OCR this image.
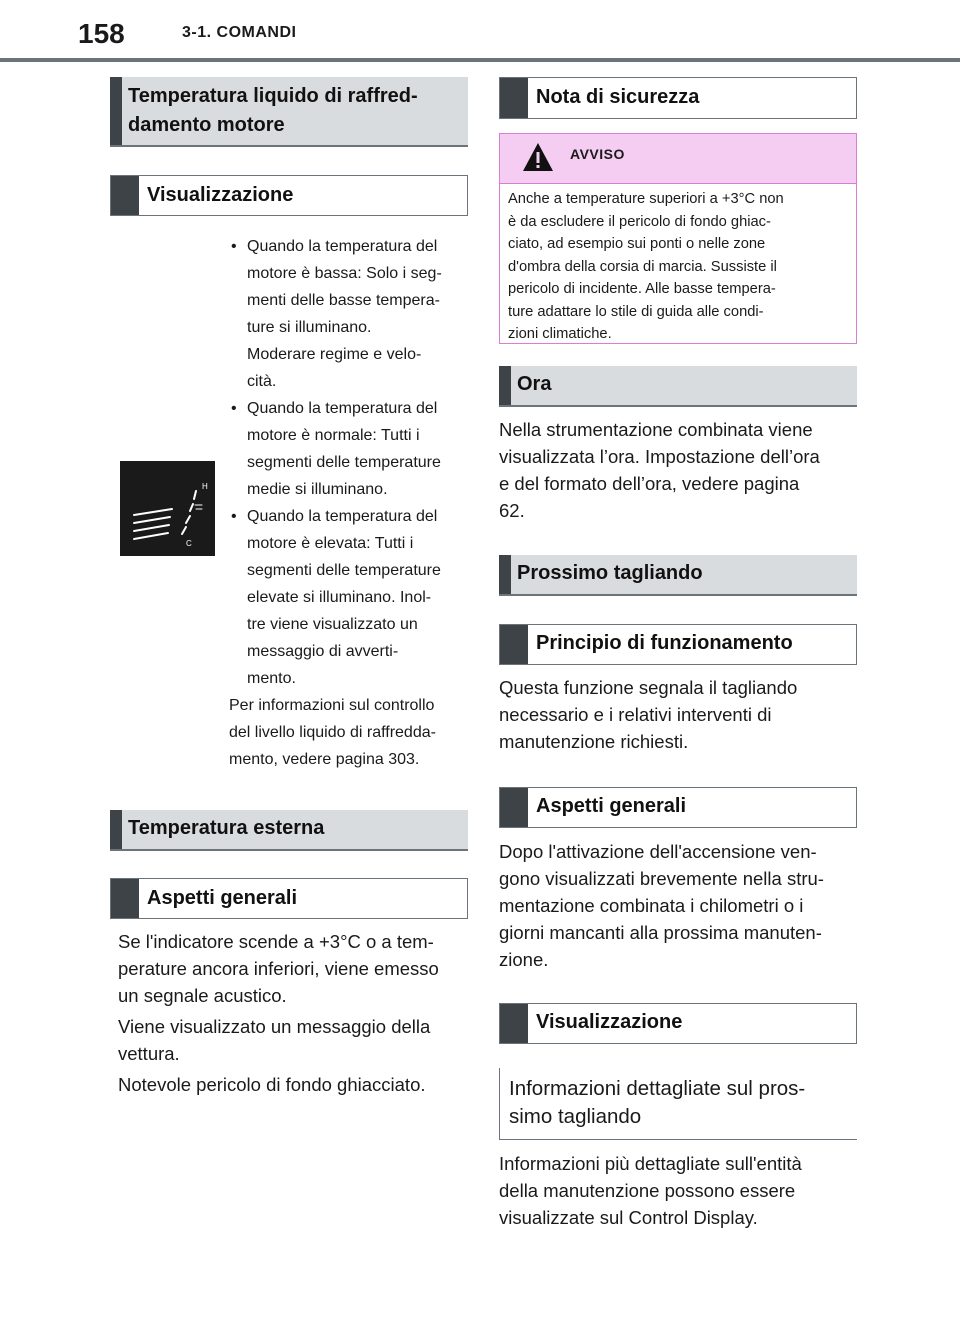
158	3-1. COMANDI
Temperatura liquido di raffred-
damento motore
Visualizzazione
H
C
• Quando la temperatura del
motore è bassa: Solo i seg-
menti delle basse tempera-
ture si illuminano.
Moderare regime e velo-
cità.
• Quando la temperatura del
motore è normale: Tutti i
segmenti delle temperature
medie si illuminano.
• Quando la temperatura del
motore è elevata: Tutti i
segmenti delle temperature
elevate si illuminano. Inol-
tre viene visualizzato un
messaggio di avverti-
mento.
Per informazioni sul controllo
del livello liquido di raffredda-
mento, vedere pagina 303.
Temperatura esterna
Aspetti generali
Se l'indicatore scende a +3°C o a tem-
perature ancora inferiori, viene emesso
un segnale acustico.
Viene visualizzato un messaggio della
vettura.
Notevole pericolo di fondo ghiacciato.
Nota di sicurezza
AVVISO
Anche a temperature superiori a +3°C non
è da escludere il pericolo di fondo ghiac-
ciato, ad esempio sui ponti o nelle zone
d'ombra della corsia di marcia. Sussiste il
pericolo di incidente. Alle basse tempera-
ture adattare lo stile di guida alle condi-
zioni climatiche.
Ora
Nella strumentazione combinata viene
visualizzata l’ora. Impostazione dell’ora
e del formato dell’ora, vedere pagina
62.
Prossimo tagliando
Principio di funzionamento
Questa funzione segnala il tagliando
necessario e i relativi interventi di
manutenzione richiesti.
Aspetti generali
Dopo l'attivazione dell'accensione ven-
gono visualizzati brevemente nella stru-
mentazione combinata i chilometri o i
giorni mancanti alla prossima manuten-
zione.
Visualizzazione
Informazioni dettagliate sul pros-
simo tagliando
Informazioni più dettagliate sull'entità
della manutenzione possono essere
visualizzate sul Control Display.
